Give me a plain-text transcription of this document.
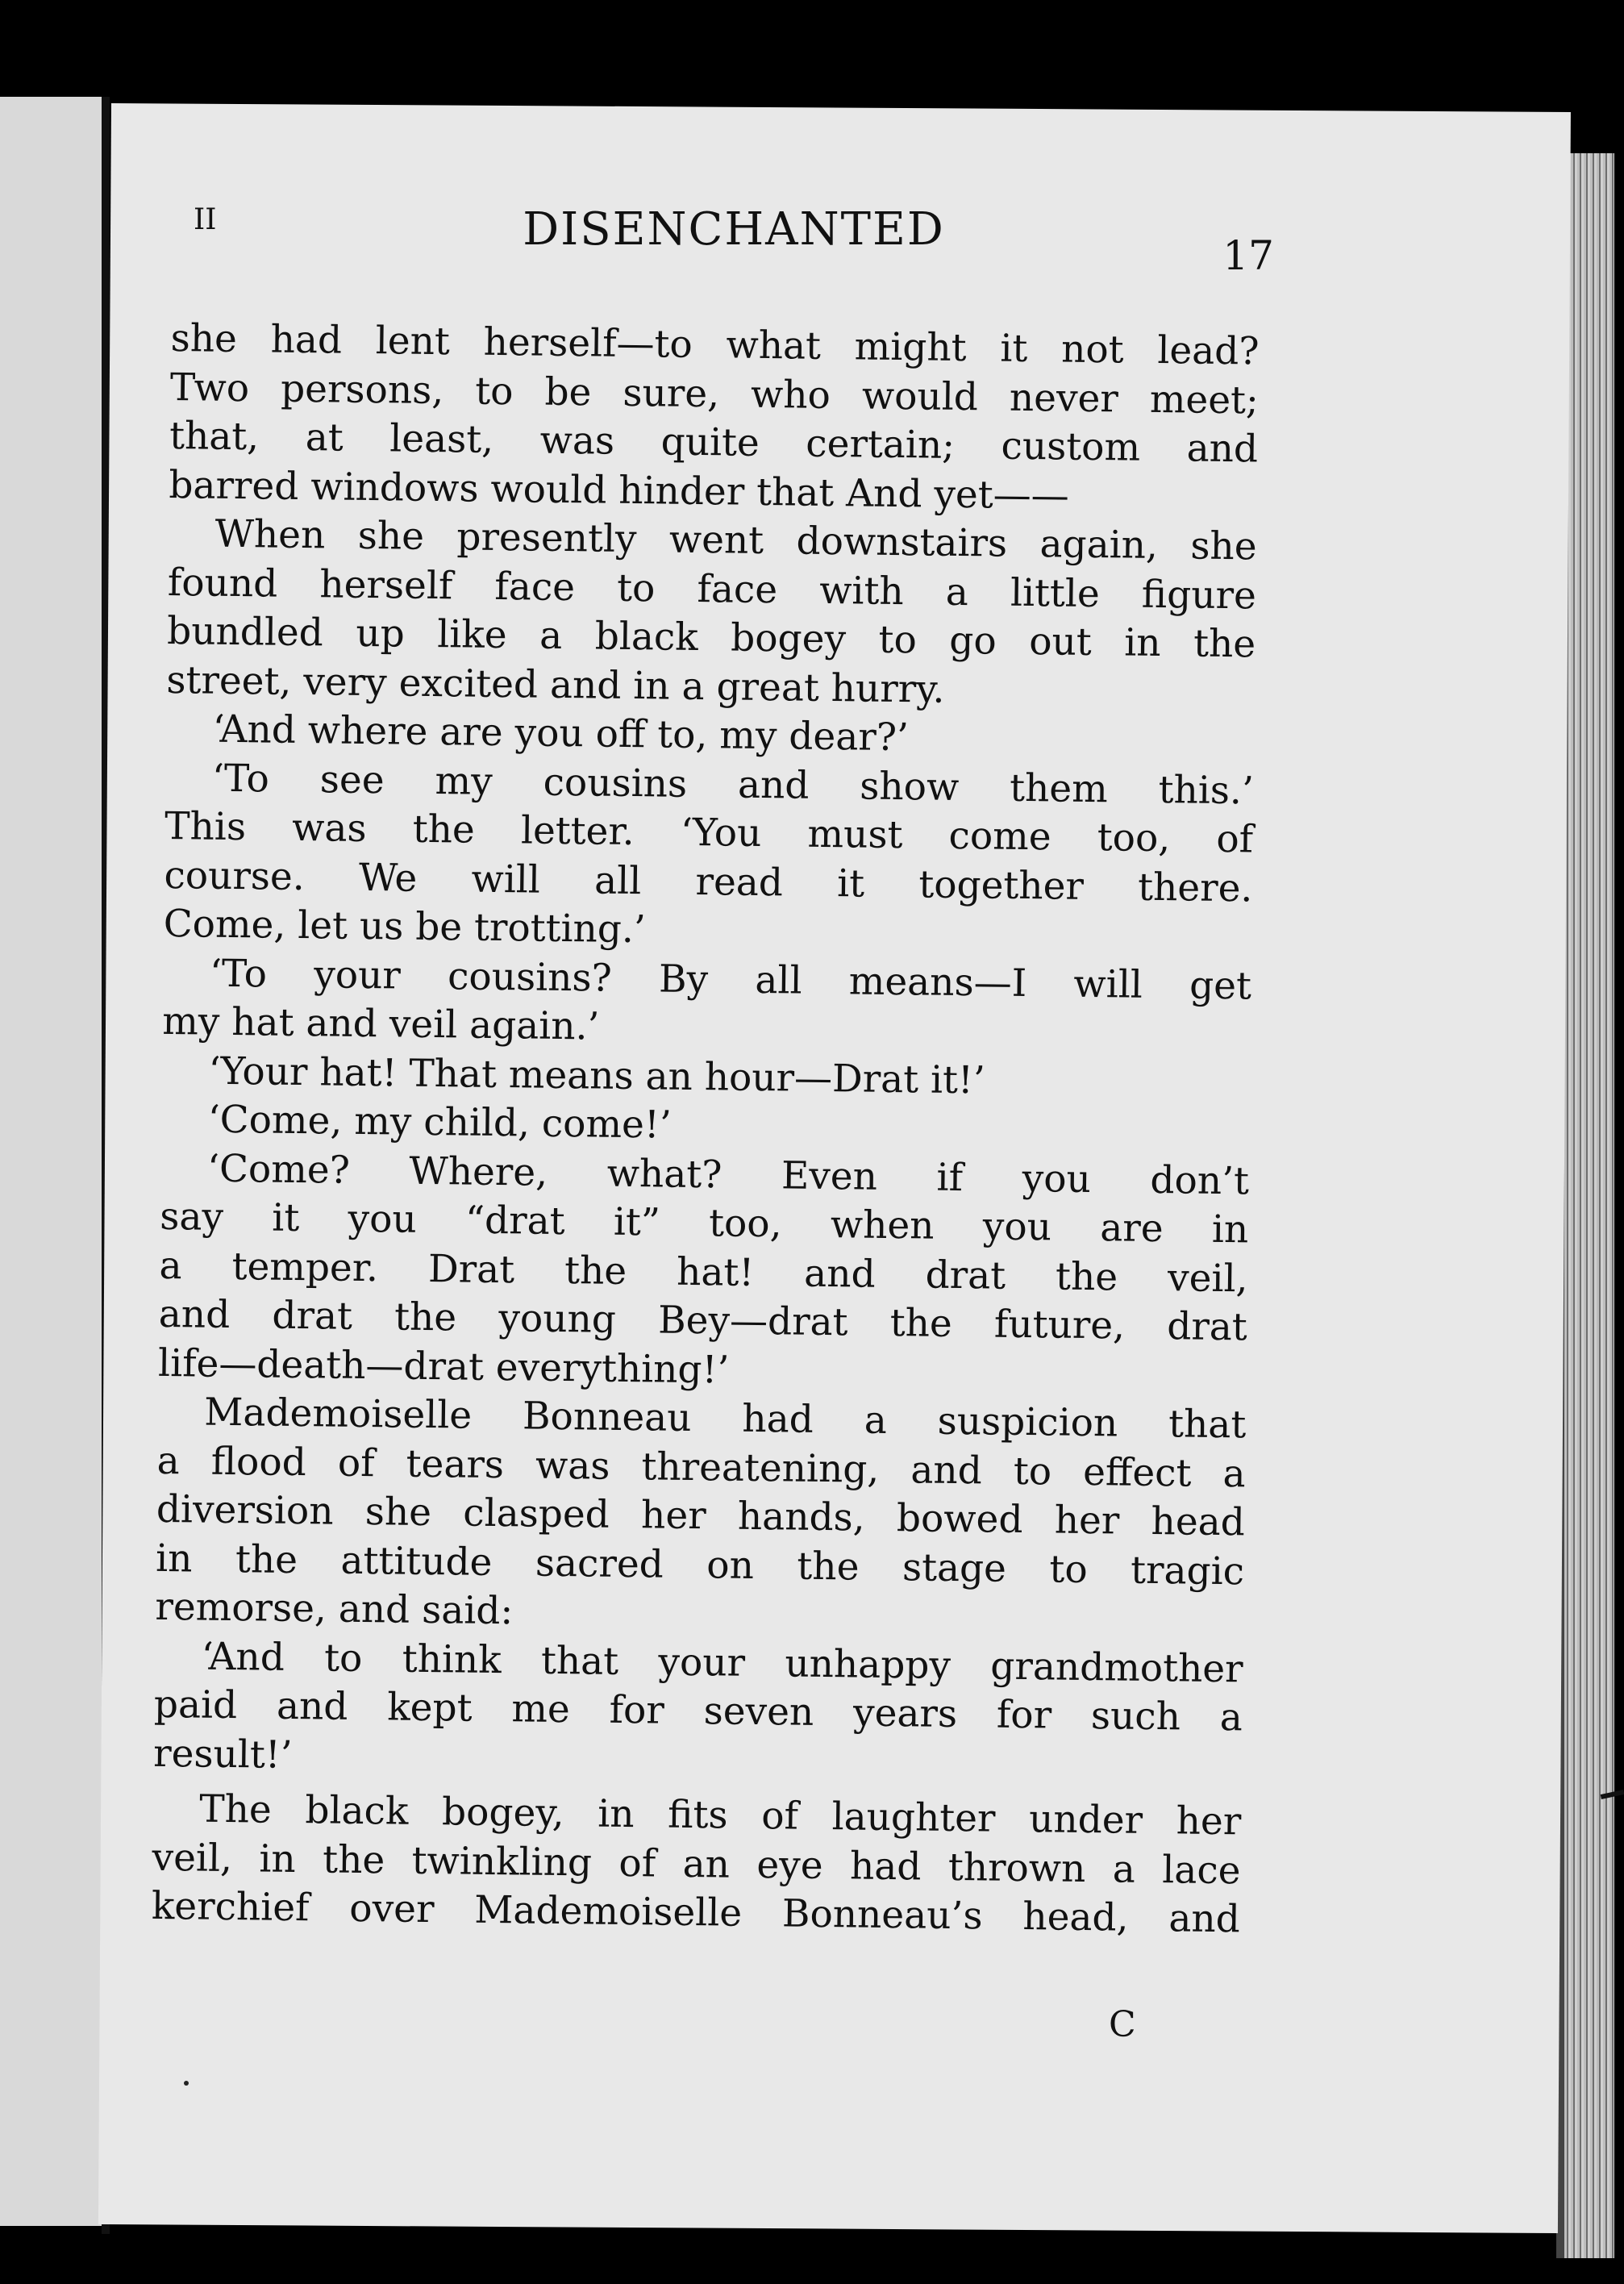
II	DISENCHANTED	17
she had lent herself—to what might it not lead?
Two persons, to be sure, who would never meet;
that, at least, was quite certain; custom and
barred windows would hinder that And yet——
When she presently went downstairs again, she
found herself face to face with a little figure
bundled up like a black bogey to go out in the
street, very excited and in a great hurry.
‘And where are you off to, my dear?’
‘To see my cousins and show them this.’
This was the letter. ‘You must come too, of
course. We will all read it together there.
Come, let us be trotting.’
‘To your cousins? By all means—I will get
my hat and veil again.’
‘Your hat! That means an hour—Drat it!’
‘Come, my child, come!’
‘Come? Where, what? Even if you don’t
say it you “drat it” too, when you are in
a temper. Drat the hat! and drat the veil,
and drat the young Bey—drat the future, drat
life—death—drat everything!’
Mademoiselle Bonneau had a suspicion that
a flood of tears was threatening, and to effect a
diversion she clasped her hands, bowed her head
in the attitude sacred on the stage to tragic
remorse, and said:
‘And to think that your unhappy grandmother
paid and kept me for seven years for such a
result!’
The black bogey, in fits of laughter under her
veil, in the twinkling of an eye had thrown a lace
kerchief over Mademoiselle Bonneau’s head, and
C
